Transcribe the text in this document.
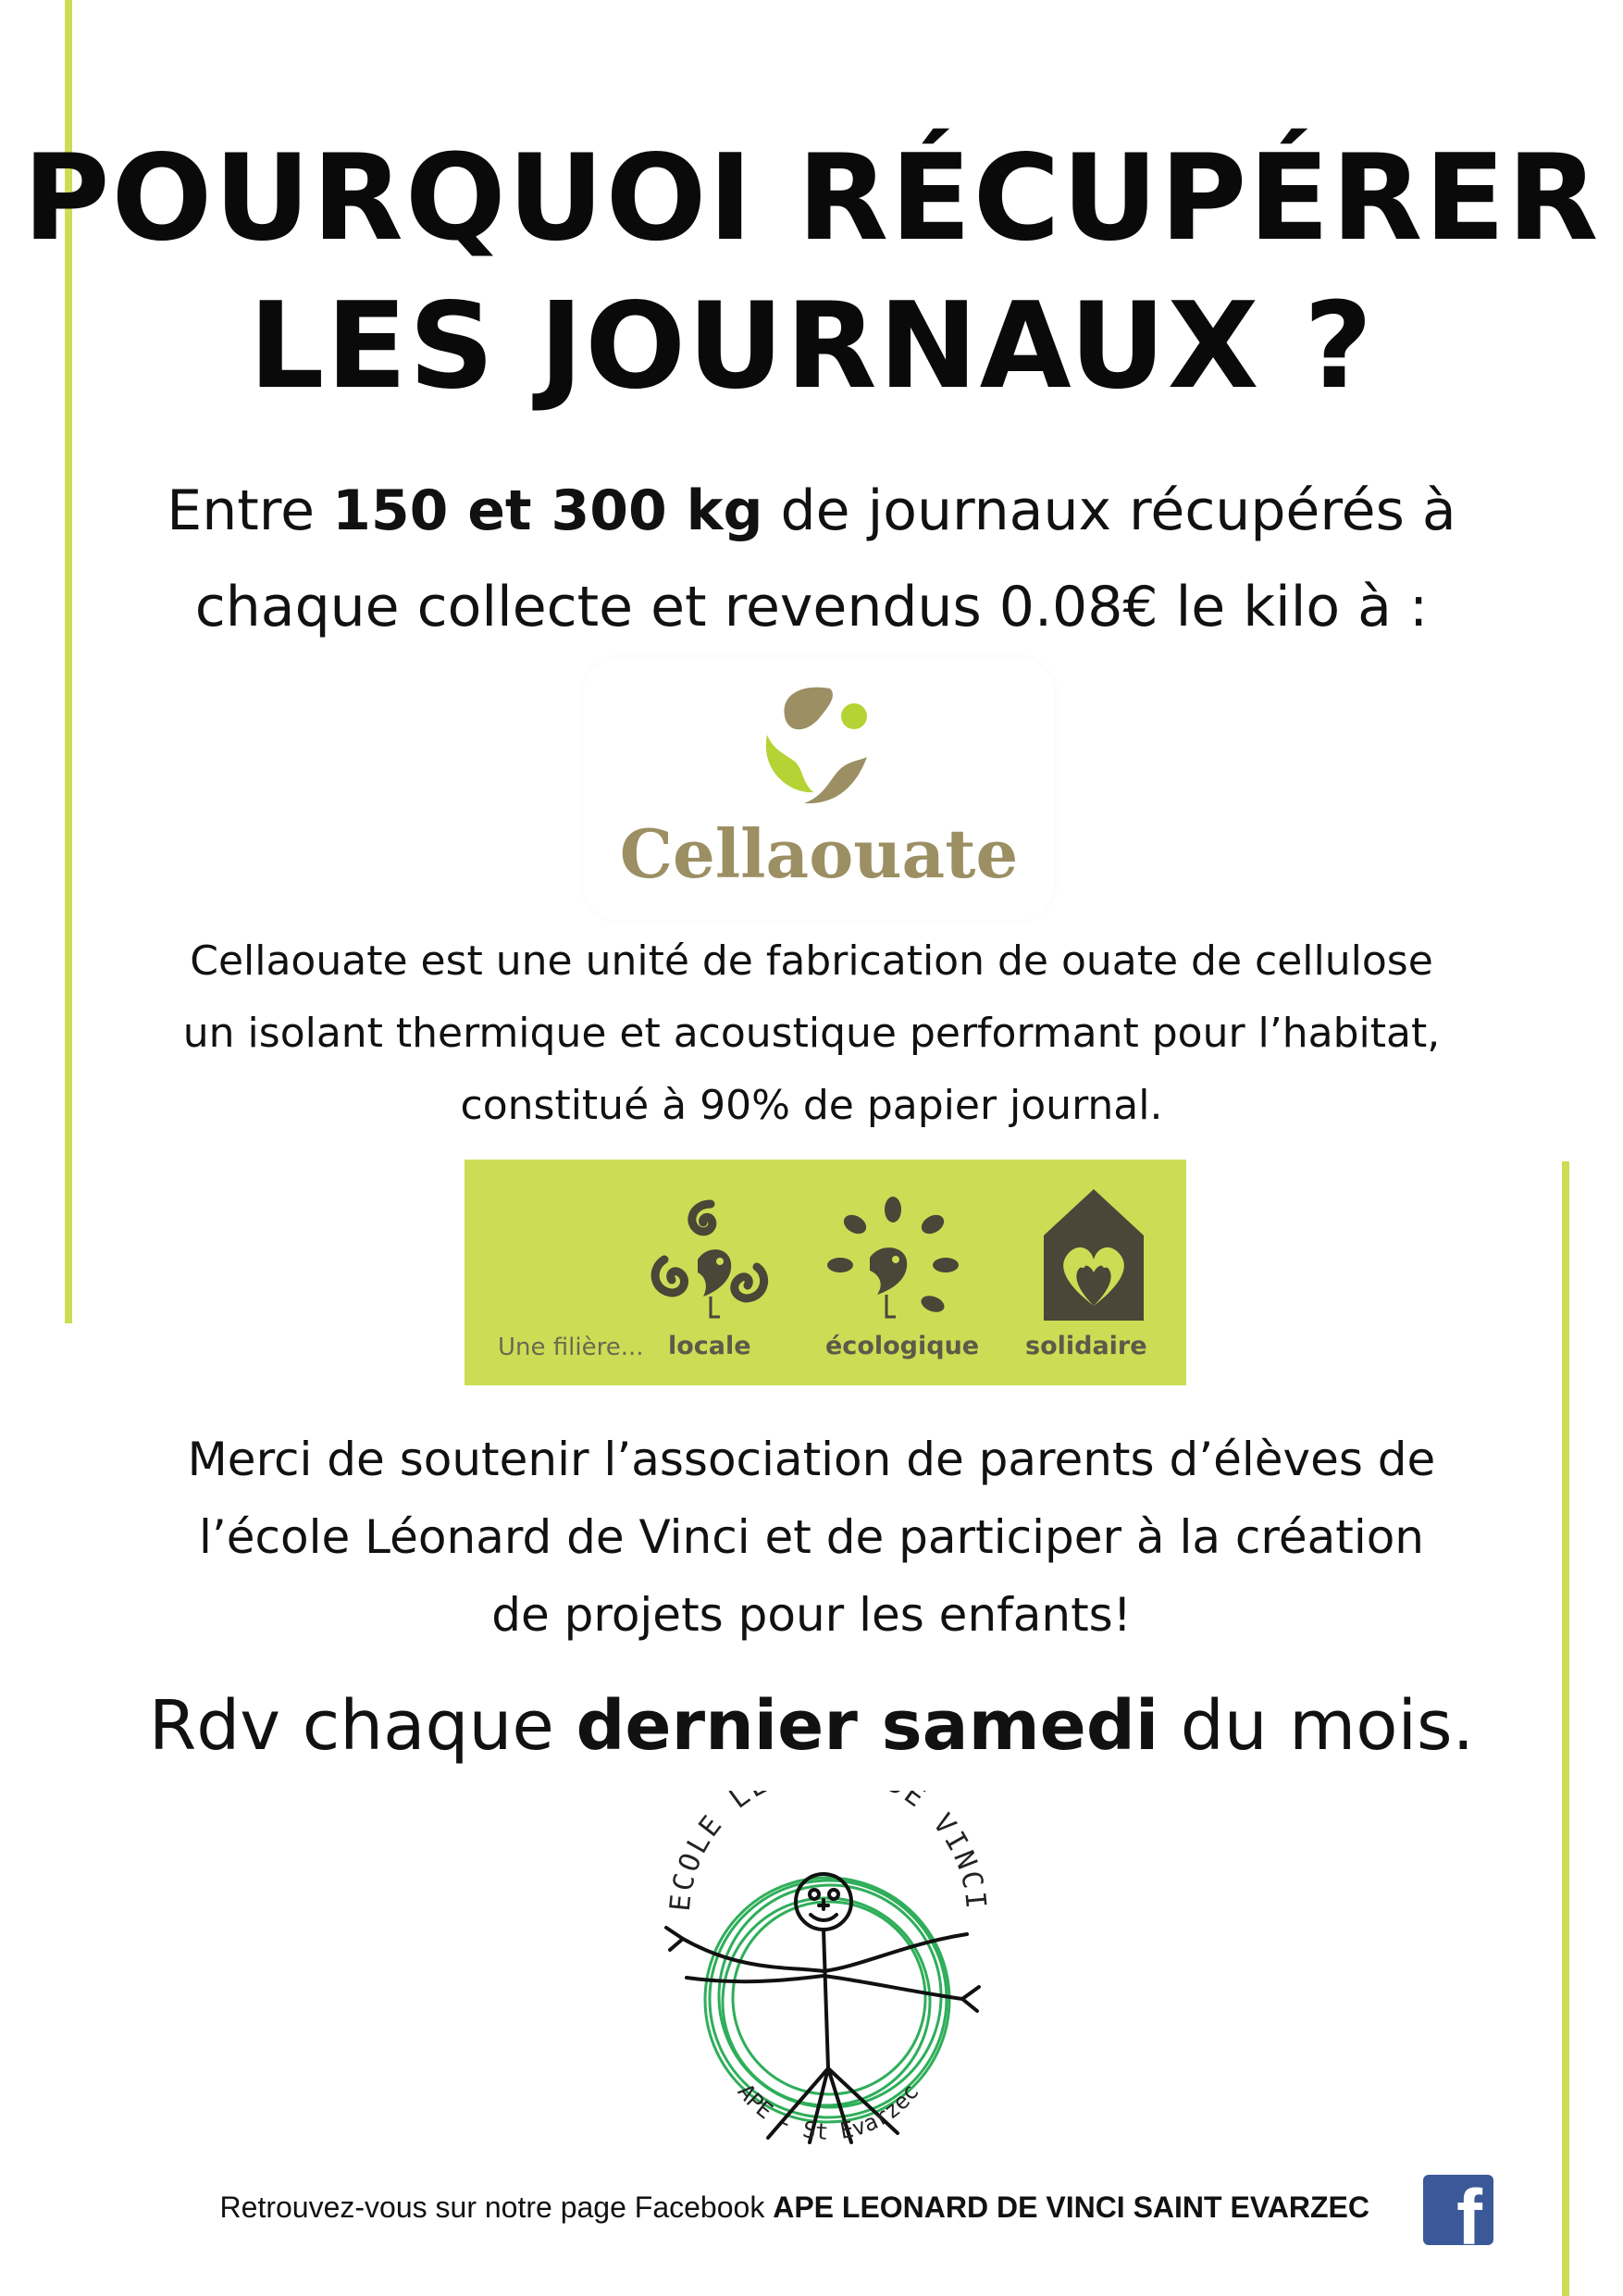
POURQUOI RÉCUPÉRER
LES JOURNAUX ?
Entre 150 et 300 kg de journaux récupérés à
chaque collecte et revendus 0.08€ le kilo à :
Cellaouate
Cellaouate est une unité de fabrication de ouate de cellulose
un isolant thermique et acoustique performant pour l’habitat,
constitué à 90% de papier journal.
Une filière... locale	écologique solidaire
Merci de soutenir l’association de parents d’élèves de
l’école Léonard de Vinci et de participer à la création
de projets pour les enfants!
Rdv chaque dernier samedi du mois.
ECOLE L E VINCI
APE - St Evarzec
Retrouvez-vous sur notre page Facebook APE LEONARD DE VINCI SAINT EVARZEC f
